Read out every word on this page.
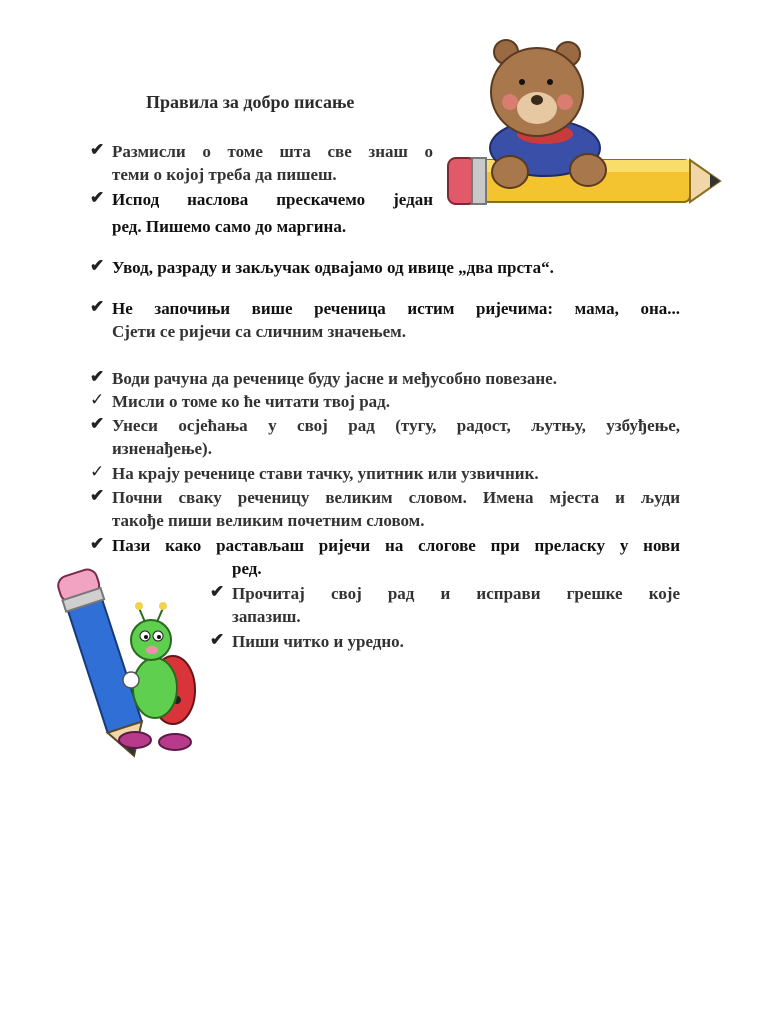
Правила за добро писање
✔ Размисли о томе шта све знаш о
теми о којој треба да пишеш.
✔ Испод наслова прескачемо један
ред. Пишемо само до маргина.
✔ Увод, разраду и закључак одвајамо од ивице „два прста“.
✔ Не започињи више реченица истим ријечима: мама, она...
Сјети се ријечи са сличним значењем.
✔ Води рачуна да реченице буду јасне и међусобно повезане.
✓ Мисли о томе ко ће читати твој рад.
✔ Унеси осјећања у свој рад (тугу, радост, љутњу, узбуђење,
изненађење).
✓ На крају реченице стави тачку, упитник или узвичник.
✔ Почни сваку реченицу великим словом. Имена мјеста и људи
такође пиши великим почетним словом.
✔ Пази како растављаш ријечи на слогове при преласку у нови
ред.
✔ Прочитај свој рад и исправи грешке које
запазиш.
✔ Пиши читко и уредно.
